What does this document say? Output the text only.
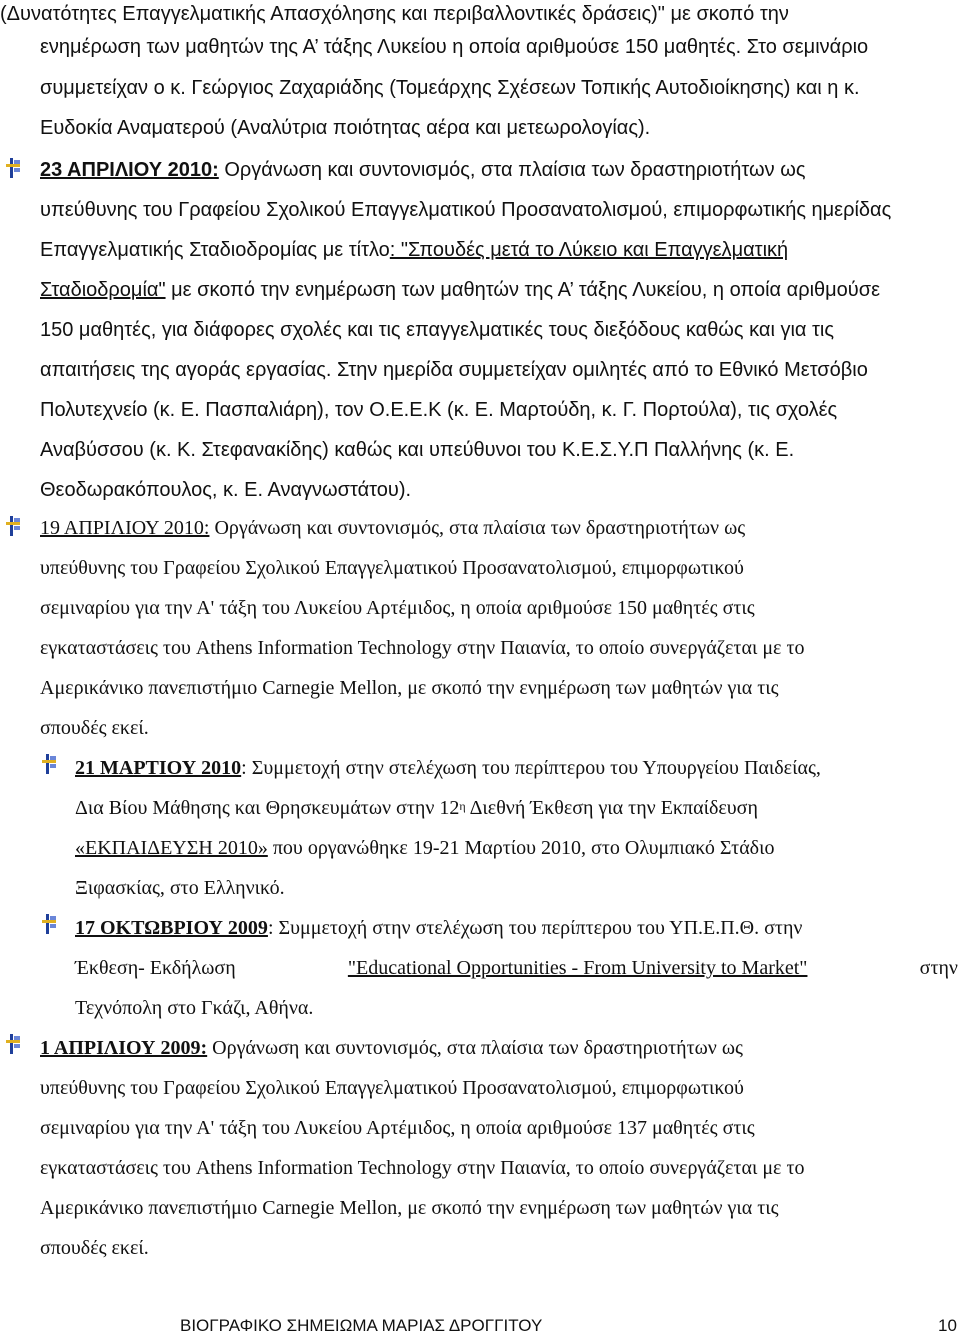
(Δυνατότητες Επαγγελματικής Απασχόλησης και περιβαλλοντικές δράσεις)" με σκοπό την
ενημέρωση των μαθητών της Α’ τάξης Λυκείου η οποία αριθμούσε 150 μαθητές. Στο σεμινάριο
συμμετείχαν ο κ. Γεώργιος Ζαχαριάδης (Τομεάρχης Σχέσεων Τοπικής Αυτοδιοίκησης) και η κ.
Ευδοκία Αναματερού (Αναλύτρια ποιότητας αέρα και μετεωρολογίας).
23 ΑΠΡΙΛΙΟΥ 2010: Οργάνωση και συντονισμός, στα πλαίσια των δραστηριοτήτων ως
υπεύθυνης του Γραφείου Σχολικού Επαγγελματικού Προσανατολισμού, επιμορφωτικής ημερίδας
Επαγγελματικής Σταδιοδρομίας με τίτλο: "Σπουδές μετά το Λύκειο και Επαγγελματική
Σταδιοδρομία" με σκοπό την ενημέρωση των μαθητών της Α’ τάξης Λυκείου, η οποία αριθμούσε
150 μαθητές, για διάφορες σχολές και τις επαγγελματικές τους διεξόδους καθώς και για τις
απαιτήσεις της αγοράς εργασίας. Στην ημερίδα συμμετείχαν ομιλητές από το Εθνικό Μετσόβιο
Πολυτεχνείο (κ. Ε. Πασπαλιάρη), τον Ο.Ε.Ε.Κ (κ. Ε. Μαρτούδη, κ. Γ. Πορτούλα), τις σχολές
Αναβύσσου (κ. Κ. Στεφανακίδης) καθώς και υπεύθυνοι του Κ.Ε.Σ.Υ.Π Παλλήνης (κ. Ε.
Θεοδωρακόπουλος, κ. Ε. Αναγνωστάτου).
19 ΑΠΡΙΛΙΟΥ 2010: Οργάνωση και συντονισμός, στα πλαίσια των δραστηριοτήτων ως
υπεύθυνης του Γραφείου Σχολικού Επαγγελματικού Προσανατολισμού, επιμορφωτικού
σεμιναρίου για την Α' τάξη του Λυκείου Αρτέμιδος, η οποία αριθμούσε 150 μαθητές στις
εγκαταστάσεις του Athens Information Technology στην Παιανία, το οποίο συνεργάζεται με το
Αμερικάνικο πανεπιστήμιο Carnegie Mellon, με σκοπό την ενημέρωση των μαθητών για τις
σπουδές εκεί.
21 ΜΑΡΤΙΟΥ 2010: Συμμετοχή στην στελέχωση του περίπτερου του Υπουργείου Παιδείας,
Δια Βίου Μάθησης και Θρησκευμάτων στην $12^\eta$ Διεθνή Έκθεση για την Εκπαίδευση
«ΕΚΠΑΙΔΕΥΣΗ 2010» που οργανώθηκε 19-21 Μαρτίου 2010, στο Ολυμπιακό Στάδιο
Ξιφασκίας, στο Ελληνικό.
17 ΟΚΤΩΒΡΙΟΥ 2009: Συμμετοχή στην στελέχωση του περίπτερου του ΥΠ.Ε.Π.Θ. στην
Έκθεση- Εκδήλωση	"Educational Opportunities - From University to Market"	στην
Τεχνόπολη στο Γκάζι, Αθήνα.
1 ΑΠΡΙΛΙΟΥ 2009: Οργάνωση και συντονισμός, στα πλαίσια των δραστηριοτήτων ως
υπεύθυνης του Γραφείου Σχολικού Επαγγελματικού Προσανατολισμού, επιμορφωτικού
σεμιναρίου για την Α' τάξη του Λυκείου Αρτέμιδος, η οποία αριθμούσε 137 μαθητές στις
εγκαταστάσεις του Athens Information Technology στην Παιανία, το οποίο συνεργάζεται με το
Αμερικάνικο πανεπιστήμιο Carnegie Mellon, με σκοπό την ενημέρωση των μαθητών για τις
σπουδές εκεί.
ΒΙΟΓΡΑΦΙΚΟ ΣΗΜΕΙΩΜΑ ΜΑΡΙΑΣ ΔΡΟΓΓΙΤΟΥ	10
